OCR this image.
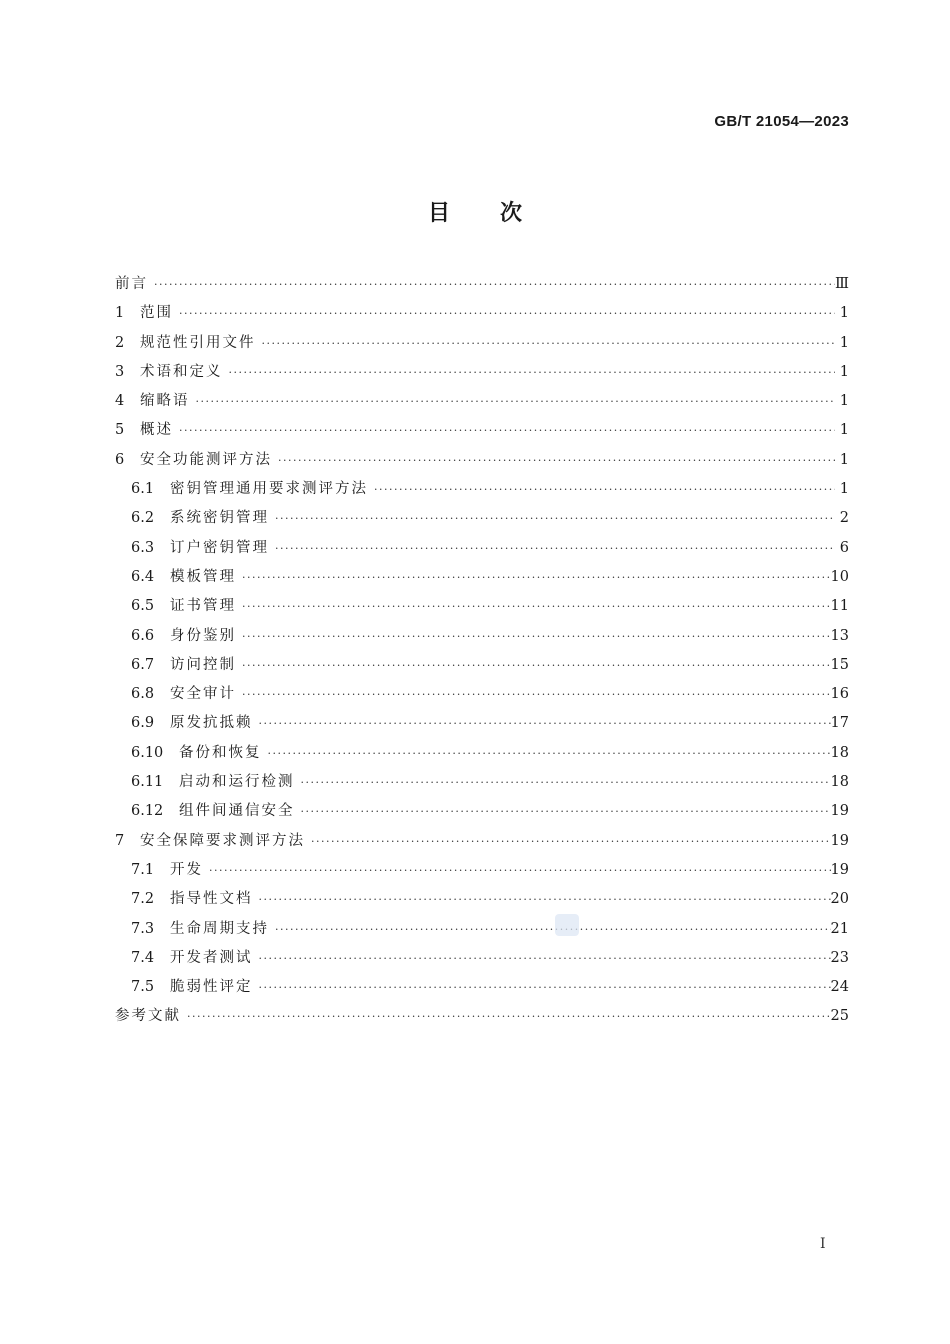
GB/T 21054—2023
目 次
前言 ·····	Ⅲ
1	范围 ·····	1
2	规范性引用文件 ·····	1
3	术语和定义 ·····	1
4	缩略语 ·····	1
5	概述 ·····	1
6	安全功能测评方法 ·····	1
6.1	密钥管理通用要求测评方法 ·····	1
6.2	系统密钥管理 ·····	2
6.3	订户密钥管理 ·····	6
6.4	模板管理 ·····	10
6.5	证书管理 ·····	11
6.6	身份鉴别 ·····	13
6.7	访问控制 ·····	15
6.8	安全审计 ·····	16
6.9	原发抗抵赖 ·····	17
6.10	备份和恢复 ·····	18
6.11	启动和运行检测 ·····	18
6.12	组件间通信安全 ·····	19
7	安全保障要求测评方法 ·····	19
7.1	开发 ·····	19
7.2	指导性文档 ·····	20
7.3	生命周期支持 ·····	21
7.4	开发者测试 ·····	23
7.5	脆弱性评定 ·····	24
参考文献 ·····	25
Ⅰ
